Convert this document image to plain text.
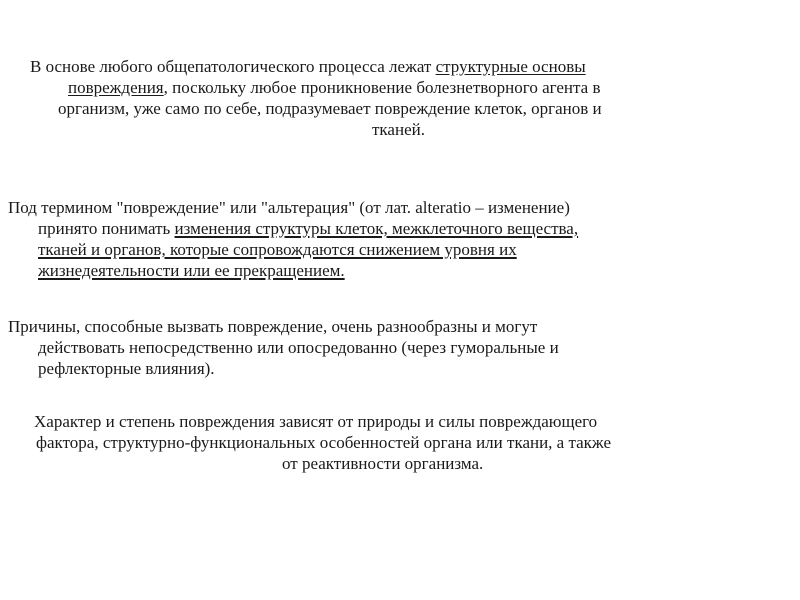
В основе любого общепатологического процесса лежат структурные основы
повреждения, поскольку любое проникновение болезнетворного агента в
организм, уже само по себе, подразумевает повреждение клеток, органов и
тканей.

Под термином "повреждение" или "альтерация" (от лат. alteratio – изменение)
принято понимать изменения структуры клеток, межклеточного вещества,
тканей и органов, которые сопровождаются снижением уровня их
жизнедеятельности или ее прекращением.

Причины, способные вызвать повреждение, очень разнообразны и могут
действовать непосредственно или опосредованно (через гуморальные и
рефлекторные влияния).

Характер и степень повреждения зависят от природы и силы повреждающего
фактора, структурно-функциональных особенностей органа или ткани, а также
от реактивности организма.
